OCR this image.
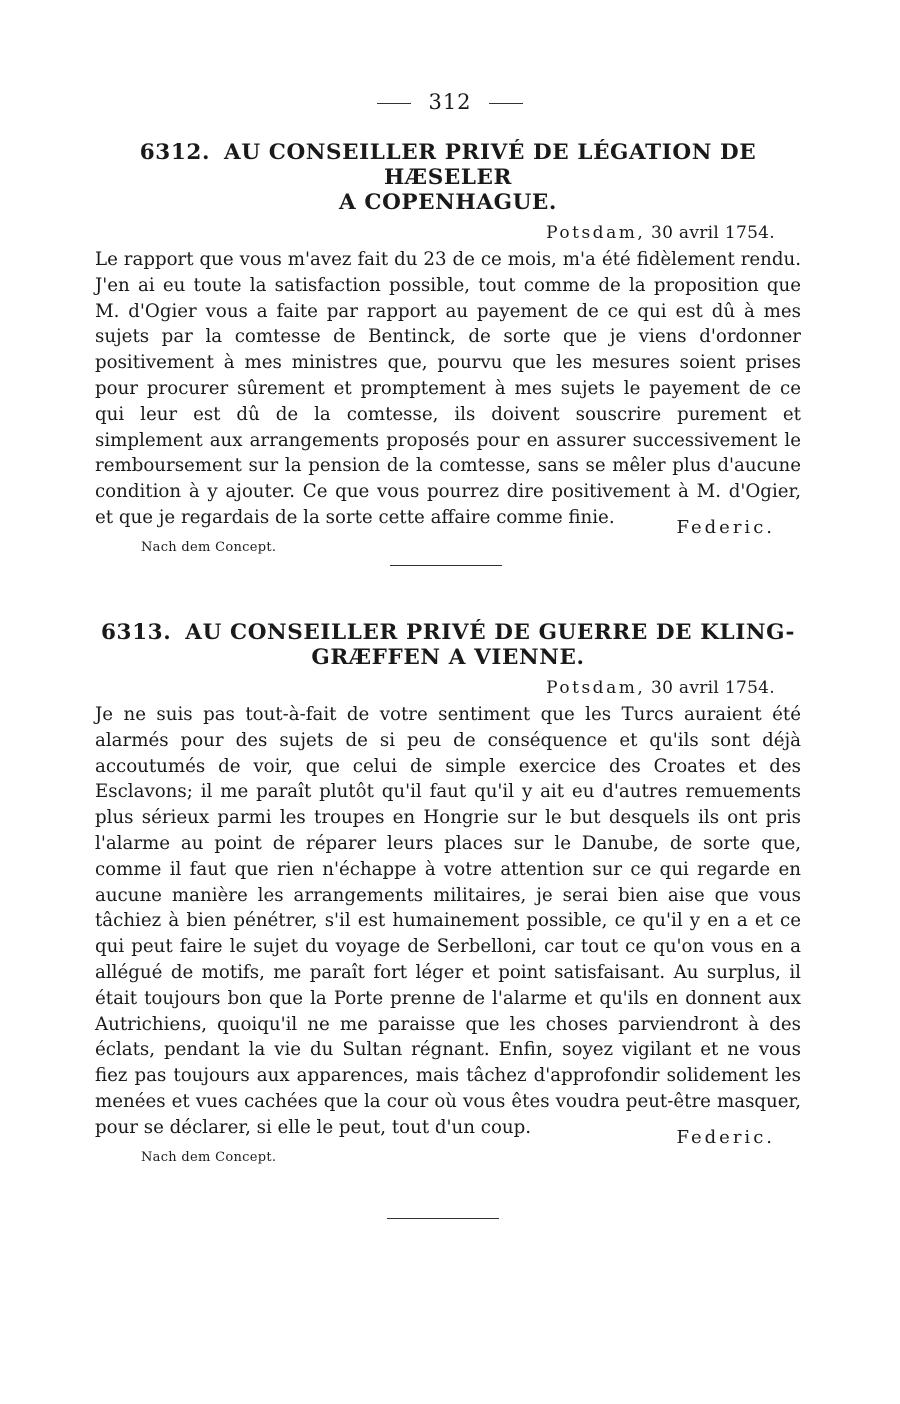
312
6312. AU CONSEILLER PRIVÉ DE LÉGATION DE HÆSELER
A COPENHAGUE.
Potsdam, 30 avril 1754.

Le rapport que vous m'avez fait du 23 de ce mois, m'a été fidèlement rendu. J'en ai eu toute la satisfaction possible, tout comme de la proposition que M. d'Ogier vous a faite par rapport au payement de ce qui est dû à mes sujets par la comtesse de Bentinck, de sorte que je viens d'ordonner positivement à mes ministres que, pourvu que les mesures soient prises pour procurer sûrement et promptement à mes sujets le payement de ce qui leur est dû de la comtesse, ils doivent souscrire purement et simplement aux arrangements proposés pour en assurer successivement le remboursement sur la pension de la comtesse, sans se mêler plus d'aucune condition à y ajouter. Ce que vous pourrez dire positivement à M. d'Ogier, et que je regardais de la sorte cette affaire comme finie.	Federic.
Nach dem Concept.
6313. AU CONSEILLER PRIVÉ DE GUERRE DE KLING-
GRÆFFEN A VIENNE.
Potsdam, 30 avril 1754.

Je ne suis pas tout-à-fait de votre sentiment que les Turcs auraient été alarmés pour des sujets de si peu de conséquence et qu'ils sont déjà accoutumés de voir, que celui de simple exercice des Croates et des Esclavons; il me paraît plutôt qu'il faut qu'il y ait eu d'autres remuements plus sérieux parmi les troupes en Hongrie sur le but desquels ils ont pris l'alarme au point de réparer leurs places sur le Danube, de sorte que, comme il faut que rien n'échappe à votre attention sur ce qui regarde en aucune manière les arrangements militaires, je serai bien aise que vous tâchiez à bien pénétrer, s'il est humainement possible, ce qu'il y en a et ce qui peut faire le sujet du voyage de Serbelloni, car tout ce qu'on vous en a allégué de motifs, me paraît fort léger et point satisfaisant. Au surplus, il était toujours bon que la Porte prenne de l'alarme et qu'ils en donnent aux Autrichiens, quoiqu'il ne me paraisse que les choses parviendront à des éclats, pendant la vie du Sultan régnant. Enfin, soyez vigilant et ne vous fiez pas toujours aux apparences, mais tâchez d'approfondir solidement les menées et vues cachées que la cour où vous êtes voudra peut-être masquer, pour se déclarer, si elle le peut, tout d'un coup.	Federic.
Nach dem Concept.
